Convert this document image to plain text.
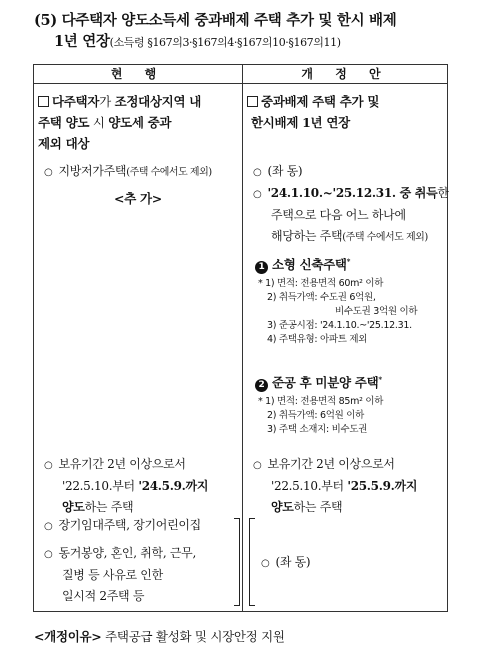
(5) 다주택자 양도소득세 중과배제 주택 추가 및 한시 배제
1년 연장(소득령 §167의3·§167의4·§167의10·§167의11)
현 행	개 정 안
다주택자가 조정대상지역 내
주택 양도 시 양도세 중과
제외 대상
○ 지방저가주택(주택 수에서도 제외)
<추 가>
○ 보유기간 2년 이상으로서
'22.5.10.부터 '24.5.9.까지
양도하는 주택
○ 장기임대주택, 장기어린이집
○ 동거봉양, 혼인, 취학, 근무,
질병 등 사유로 인한
일시적 2주택 등
중과배제 주택 추가 및
한시배제 1년 연장
○ (좌 동)
○ '24.1.10.~'25.12.31. 중 취득한
주택으로 다음 어느 하나에
해당하는 주택(주택 수에서도 제외)
1 소형 신축주택*
* 1) 면적: 전용면적 60m² 이하
2) 취득가액: 수도권 6억원,
비수도권 3억원 이하
3) 준공시점: '24.1.10.~'25.12.31.
4) 주택유형: 아파트 제외
2 준공 후 미분양 주택*
* 1) 면적: 전용면적 85m² 이하
2) 취득가액: 6억원 이하
3) 주택 소재지: 비수도권
○ 보유기간 2년 이상으로서
'22.5.10.부터 '25.5.9.까지
양도하는 주택
○ (좌 동)
<개정이유> 주택공급 활성화 및 시장안정 지원
